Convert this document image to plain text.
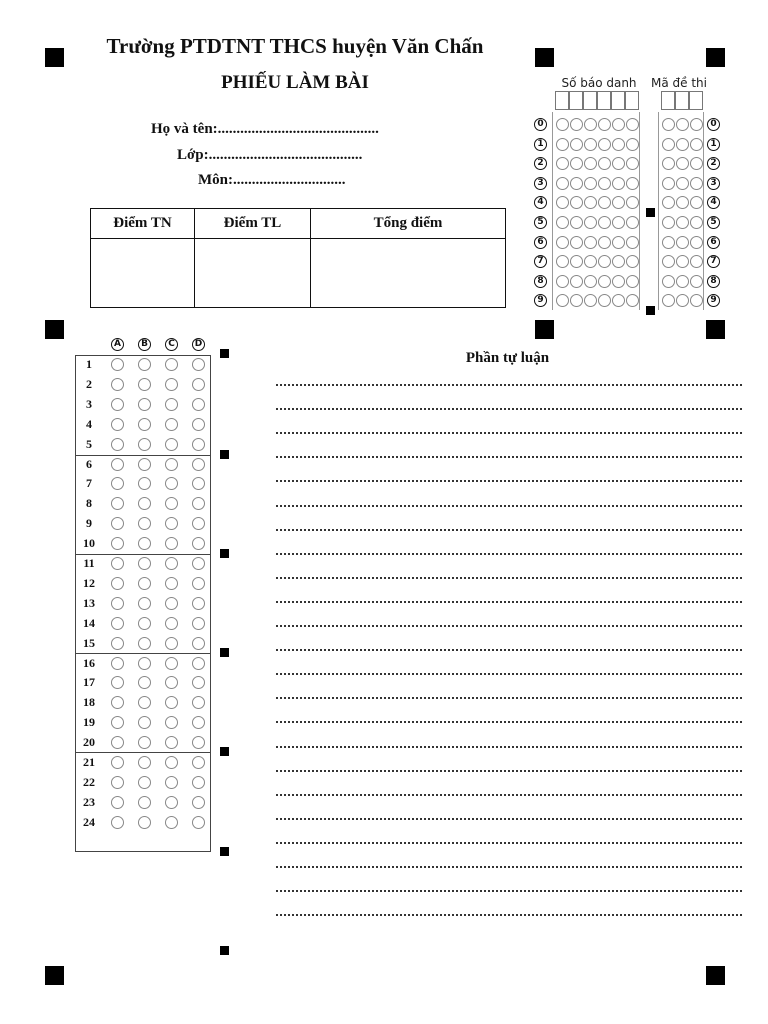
Trường PTDTNT THCS huyện Văn Chấn
PHIẾU LÀM BÀI
Họ và tên:...........................................
Lớp:.........................................
Môn:..............................
Điểm TN	Điểm TL	Tổng điểm

Số báo danh	Mã đề thi
0	0
1	1
2	2
3	3
4	4
5	5
6	6
7	7
8	8
9	9
A	B	C	D
1
2
3
4
5
6
7
8
9
10
11
12
13
14
15
16
17
18
19
20
21
22
23
24
Phần tự luận
